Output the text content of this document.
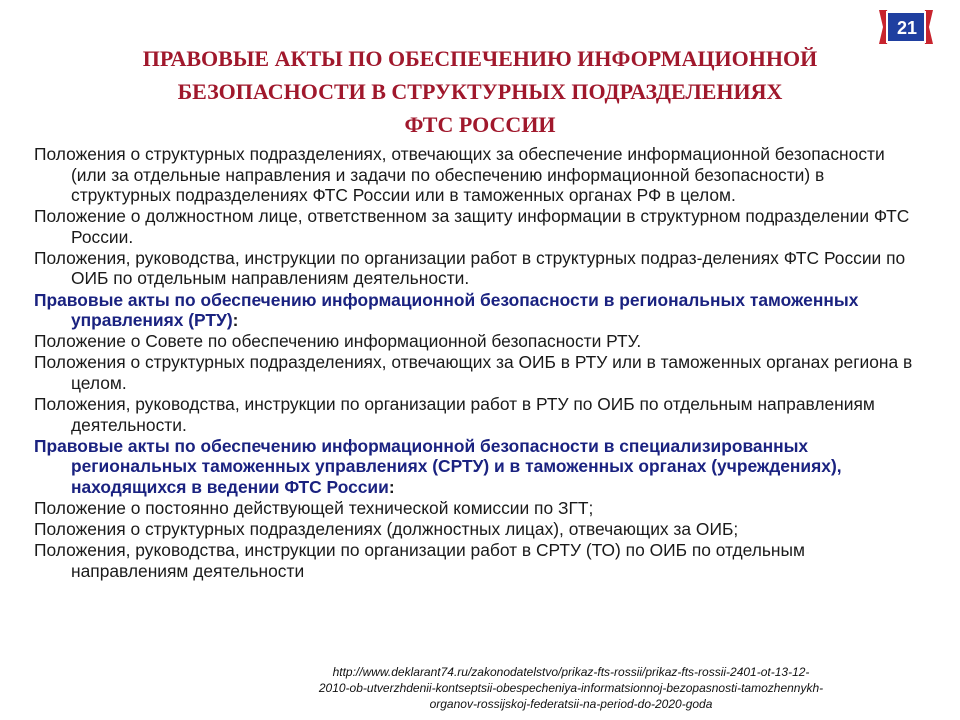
21
ПРАВОВЫЕ АКТЫ ПО ОБЕСПЕЧЕНИЮ ИНФОРМАЦИОННОЙ
БЕЗОПАСНОСТИ В СТРУКТУРНЫХ ПОДРАЗДЕЛЕНИЯХ
ФТС РОССИИ
Положения о структурных подразделениях, отвечающих за обеспечение информационной безопасности (или за отдельные направления и задачи по обеспечению информационной безопасности) в структурных подразделениях ФТС России или в таможенных органах РФ в целом.
Положение о должностном лице, ответственном за защиту информации в структурном подразделении ФТС России.
Положения, руководства, инструкции по организации работ в структурных подраз-делениях ФТС России по ОИБ по отдельным направлениям деятельности.
Правовые акты по обеспечению информационной безопасности в региональных таможенных управлениях (РТУ):
Положение о Совете по обеспечению информационной безопасности РТУ.
Положения о структурных подразделениях, отвечающих за ОИБ в РТУ или в таможенных органах региона в целом.
Положения, руководства, инструкции по организации работ в РТУ по ОИБ по отдельным направлениям деятельности.
Правовые акты по обеспечению информационной безопасности в специализированных региональных таможенных управлениях (СРТУ) и в таможенных органах (учреждениях), находящихся в ведении ФТС России:
Положение о постоянно действующей технической комиссии по ЗГТ;
Положения о структурных подразделениях (должностных лицах), отвечающих за ОИБ;
Положения, руководства, инструкции по организации работ в СРТУ (ТО) по ОИБ по отдельным направлениям деятельности
http://www.deklarant74.ru/zakonodatelstvo/prikaz-fts-rossii/prikaz-fts-rossii-2401-ot-13-12-
2010-ob-utverzhdenii-kontseptsii-obespecheniya-informatsionnoj-bezopasnosti-tamozhennykh-
organov-rossijskoj-federatsii-na-period-do-2020-goda
